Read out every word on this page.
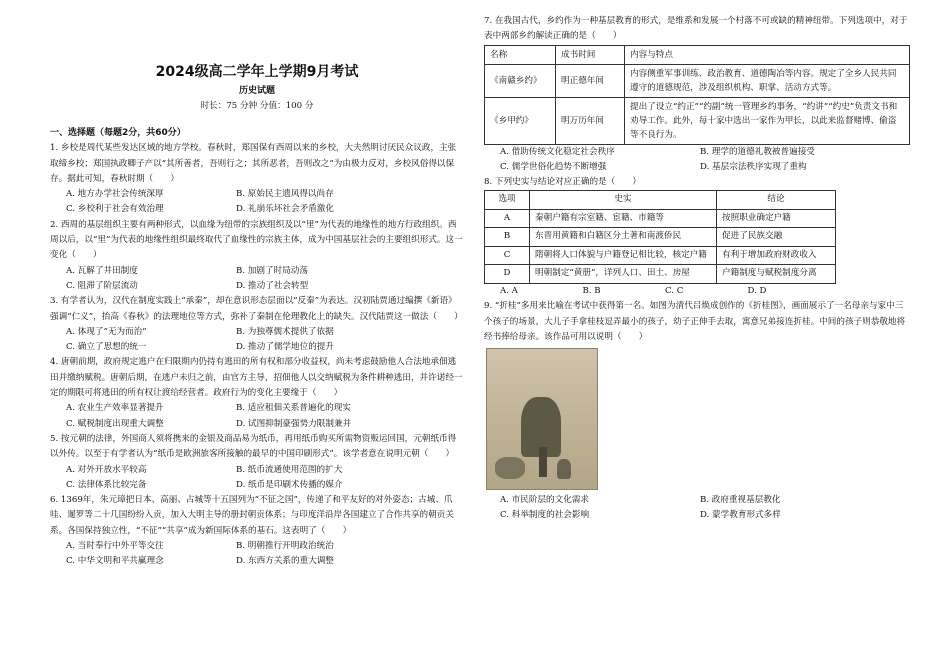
2024级高二学年上学期9月考试

历史试题

时长：75 分钟 分值：100 分

一、选择题（每题2分，共60分）

1. 乡校是周代某些发达区域的地方学校。春秋时，郑国保有西周以来的乡校，大夫然明讨厌民众议政，主张取缔乡校；郑国执政卿子产以“其所善者，吾则行之；其所恶者，吾则改之”为由极力反对，乡校风俗得以保存。据此可知，春秋时期（　　）

A. 地方办学社会传统深厚	B. 原始民主遗风得以尚存
C. 乡校利于社会有效治理	D. 礼崩乐坏社会矛盾激化

2. 西周的基层组织主要有两种形式，以血缘为纽带的宗族组织及以“里”为代表的地缘性的地方行政组织。西周以后，以“里”为代表的地缘性组织最终取代了血缘性的宗族主体，成为中国基层社会的主要组织形式。这一变化（　　）

A. 瓦解了井田制度	B. 加剧了时局动荡
C. 阻滞了阶层流动	D. 推动了社会转型

3. 有学者认为，汉代在制度实践上“承秦”，却在意识形态层面以“反秦”为表达。汉初陆贾通过编撰《新语》强调“仁义”，抬高《春秋》的法理地位等方式，弥补了秦制在伦理教化上的缺失。汉代陆贾这一做法（　　）

A. 体现了“无为而治”	B. 为独尊儒术提供了依据
C. 确立了思想的统一	D. 推动了儒学地位的提升

4. 唐朝前期，政府规定逃户在归限期内仍持有逃田的所有权和部分收益权，尚未考虑鼓励他人合法地承佃逃田并缴纳赋税。唐朝后期，在逃户未归之前，由官方主导，招佃他人以交纳赋税为条件耕种逃田，并许诺经一定的期限可将逃田的所有权让渡给经营者。政府行为的变化主要缘于（　　）

A. 农业生产效率显著提升	B. 适应租佃关系普遍化的现实
C. 赋税制度出现重大调整	D. 试图抑制豪强势力限制兼并

5. 按元朝的法律，外国商人须将携来的金银及商品易为纸币，再用纸币购买所需物资贩运回国，元朝纸币得以外传。以至于有学者认为“纸币是欧洲旅客所接触的最早的中国印刷形式”。该学者意在说明元朝（　　）

A. 对外开放水平较高	B. 纸币流通使用范围的扩大
C. 法律体系比较完备	D. 纸币是印刷术传播的媒介

6. 1369年，朱元璋把日本、高丽、占城等十五国列为“不征之国”，传递了和平友好的对外姿态；古城、爪哇、暹罗等二十几国纷纷入贡，加入大明主导的册封朝贡体系；与印度洋沿岸各国建立了合作共享的朝贡关系。各国保持独立性，“不征”“共享”成为新国际体系的基石。这表明了（　　）

A. 当时奉行中外平等交往	B. 明朝推行开明政治统治
C. 中华文明和平共赢理念	D. 东西方关系的重大调整

7. 在我国古代，乡约作为一种基层教育的形式，是维系和发展一个村落不可或缺的精神纽带。下列选项中，对于表中两部乡约解读正确的是（　　）

名称	成书时间	内容与特点
《南赣乡约》	明正德年间	内容侧重军事训练、政治教育、道德陶冶等内容。规定了全乡人民共同遵守的道德规范，涉及组织机构、职掌、活动方式等。
《乡甲约》	明万历年间	提出了设立“约正”“约副”统一管理乡约事务，“约讲”“约史”负责文书和劝导工作。此外，每十家中选出一家作为甲长，以此来监督赌博、偷盗等不良行为。
A. 借助传统文化稳定社会秩序	B. 理学的道德礼教被普遍接受
C. 儒学世俗化趋势不断增强	D. 基层宗法秩序实现了重构

8. 下列史实与结论对应正确的是（　　）

选项	史实	结论
A	秦朝户籍有宗室籍、宦籍、市籍等	按照职业确定户籍
B	东晋用黄籍和白籍区分土著和南渡侨民	促进了民族交融
C	隋朝将人口体貌与户籍登记相比较，核定户籍	有利于增加政府财政收入
D	明朝制定“黄册”，详列人口、田土、房屋	户籍制度与赋税制度分离
A. A	B. B	C. C	D. D

9. “折桂”多用来比喻在考试中获得第一名。如图为清代吕焕成创作的《折桂图》，画面展示了一名母亲与家中三个孩子的场景，大儿子手拿桂枝逗弄最小的孩子，幼子正伸手去取，寓意兄弟接连折桂。中间的孩子则恭敬地将经书捧给母亲。该作品可用以说明（　　）

A. 市民阶层的文化需求	B. 政府重视基层教化
C. 科举制度的社会影响	D. 蒙学教育形式多样
